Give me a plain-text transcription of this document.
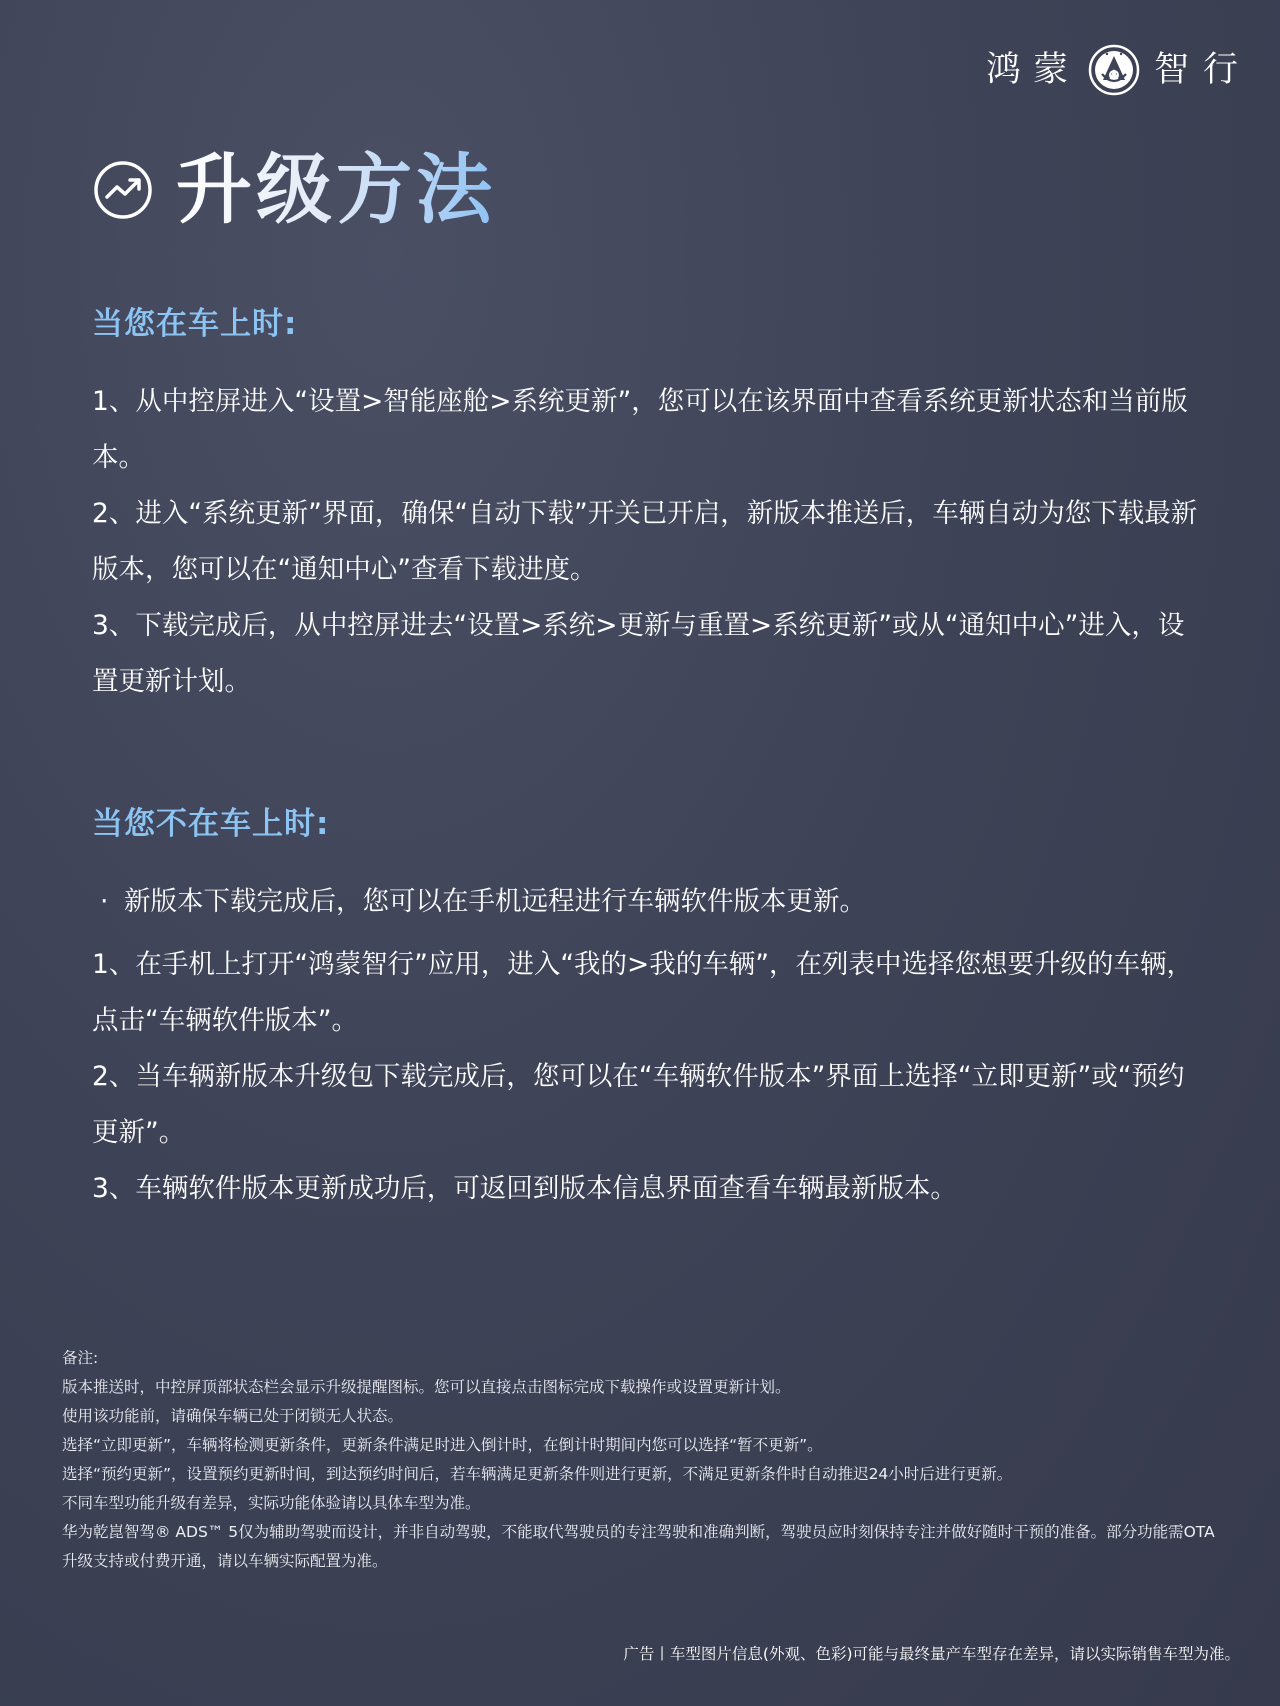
鸿蒙 智行
升级方法
当您在车上时:

1、从中控屏进入“设置>智能座舱>系统更新”，您可以在该界面中查看系统更新状态和当前版本。

2、进入“系统更新”界面，确保“自动下载”开关已开启，新版本推送后，车辆自动为您下载最新版本，您可以在“通知中心”查看下载进度。

3、下载完成后，从中控屏进去“设置>系统>更新与重置>系统更新”或从“通知中心”进入，设置更新计划。

当您不在车上时:
· 新版本下载完成后，您可以在手机远程进行车辆软件版本更新。

1、在手机上打开“鸿蒙智行”应用，进入“我的>我的车辆”，在列表中选择您想要升级的车辆，点击“车辆软件版本”。

2、当车辆新版本升级包下载完成后，您可以在“车辆软件版本”界面上选择“立即更新”或“预约更新”。

3、车辆软件版本更新成功后，可返回到版本信息界面查看车辆最新版本。

备注:

版本推送时，中控屏顶部状态栏会显示升级提醒图标。您可以直接点击图标完成下载操作或设置更新计划。

使用该功能前，请确保车辆已处于闭锁无人状态。

选择“立即更新”，车辆将检测更新条件，更新条件满足时进入倒计时，在倒计时期间内您可以选择“暂不更新”。

选择“预约更新”，设置预约更新时间，到达预约时间后，若车辆满足更新条件则进行更新，不满足更新条件时自动推迟24小时后进行更新。

不同车型功能升级有差异，实际功能体验请以具体车型为准。

华为乾崑智驾® ADS™ 5仅为辅助驾驶而设计，并非自动驾驶，不能取代驾驶员的专注驾驶和准确判断，驾驶员应时刻保持专注并做好随时干预的准备。部分功能需OTA升级支持或付费开通，请以车辆实际配置为准。

广告丨车型图片信息(外观、色彩)可能与最终量产车型存在差异，请以实际销售车型为准。
